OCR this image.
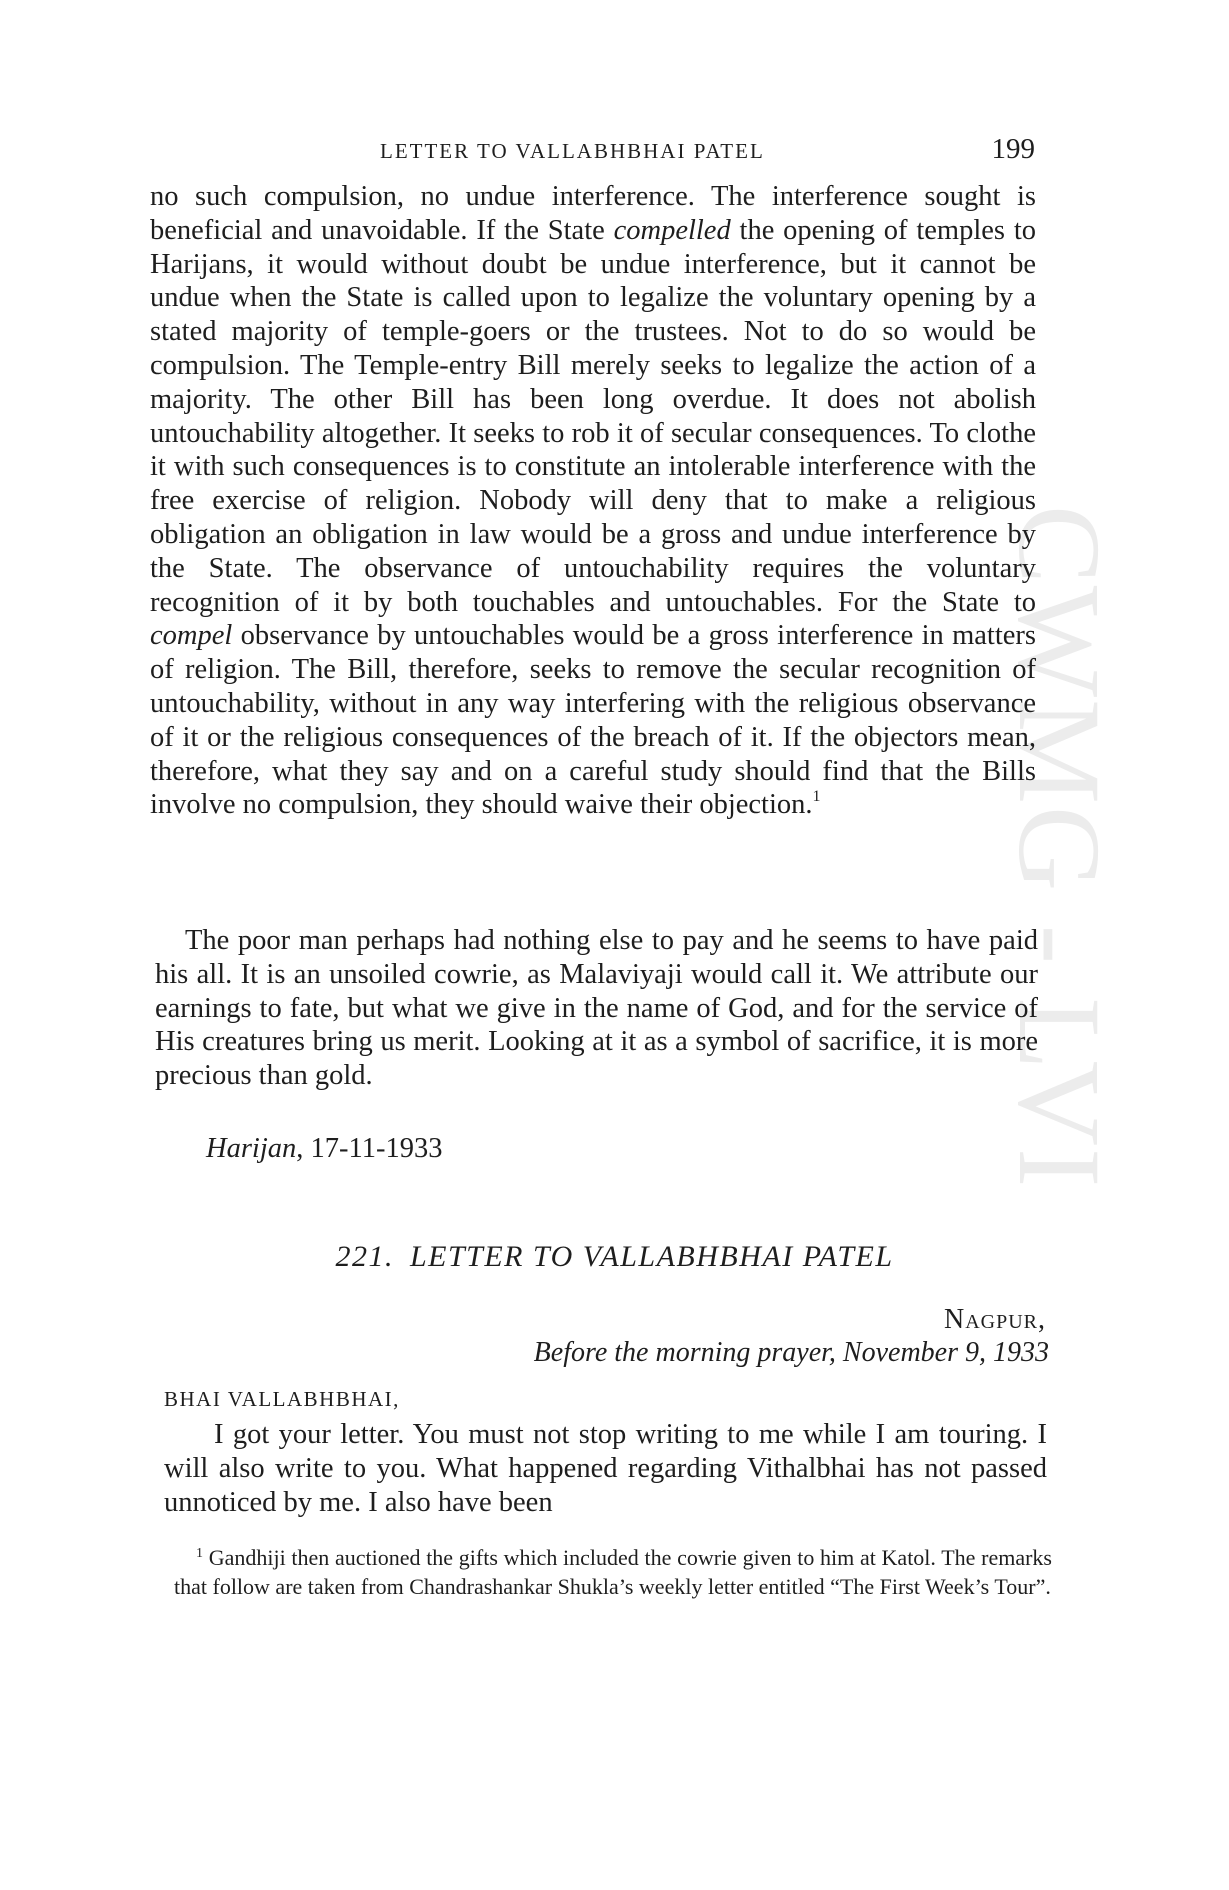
CWMG - LVI
LETTER TO VALLABHBHAI PATEL	199

no such compulsion, no undue interference. The interference sought is beneficial and unavoidable. If the State compelled the opening of temples to Harijans, it would without doubt be undue interference, but it cannot be undue when the State is called upon to legalize the voluntary opening by a stated majority of temple-goers or the trustees. Not to do so would be compulsion. The Temple-entry Bill merely seeks to legalize the action of a majority. The other Bill has been long overdue. It does not abolish untouchability altogether. It seeks to rob it of secular consequences. To clothe it with such consequences is to constitute an intolerable interference with the free exercise of religion. Nobody will deny that to make a religious obligation an obligation in law would be a gross and undue interference by the State. The observance of untouchability requires the voluntary recognition of it by both touchables and untouchables. For the State to compel observance by untouchables would be a gross interference in matters of religion. The Bill, therefore, seeks to remove the secular recognition of untouchability, without in any way interfering with the religious observance of it or the religious consequences of the breach of it. If the objectors mean, therefore, what they say and on a careful study should find that the Bills involve no compulsion, they should waive their objection.$^1$

The poor man perhaps had nothing else to pay and he seems to have paid his all. It is an unsoiled cowrie, as Malaviyaji would call it. We attribute our earnings to fate, but what we give in the name of God, and for the service of His creatures bring us merit. Looking at it as a symbol of sacrifice, it is more precious than gold.

Harijan, 17-11-1933
221. LETTER TO VALLABHBHAI PATEL
Nagpur,
Before the morning prayer, November 9, 1933
BHAI VALLABHBHAI,

I got your letter. You must not stop writing to me while I am touring. I will also write to you. What happened regarding Vithalbhai has not passed unnoticed by me. I also have been

$^1$ Gandhiji then auctioned the gifts which included the cowrie given to him at Katol. The remarks that follow are taken from Chandrashankar Shukla’s weekly letter entitled “The First Week’s Tour”.
